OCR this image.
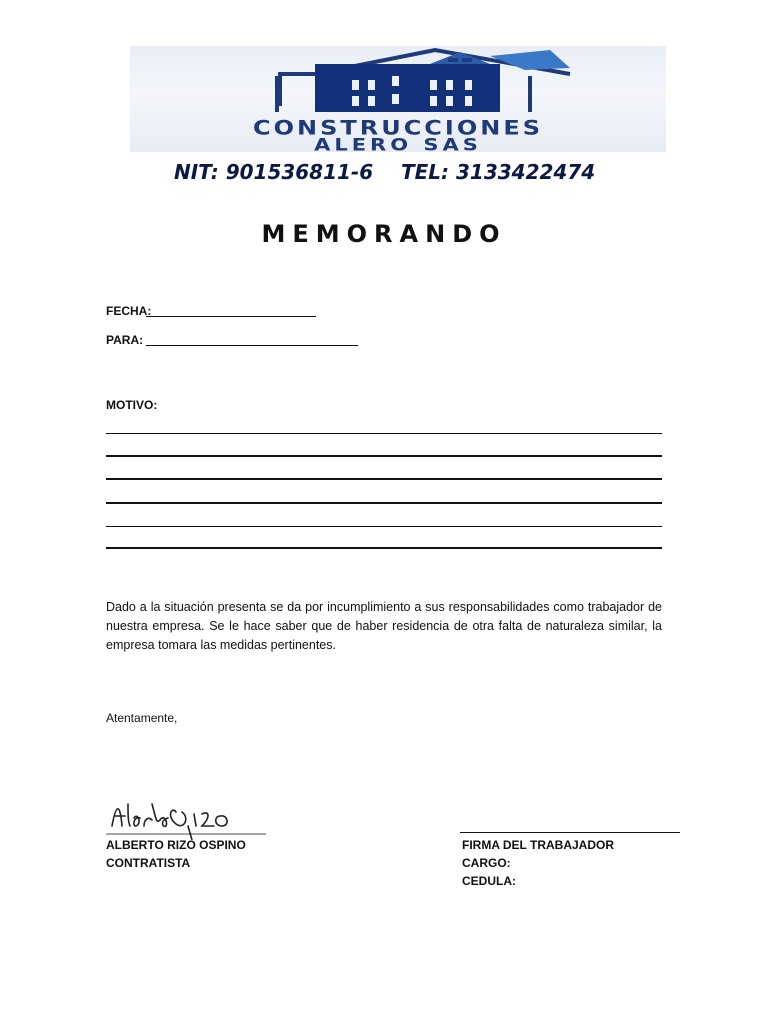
CONSTRUCCIONES
ALERO SAS
NIT: 901536811-6    TEL: 3133422474
MEMORANDO
FECHA:
PARA:
MOTIVO:
Dado a la situación presenta se da por incumplimiento a sus responsabilidades como trabajador de nuestra empresa. Se le hace saber que de haber residencia de otra falta de naturaleza similar, la empresa tomara las medidas pertinentes.
Atentamente,
ALBERTO RIZO OSPINO
CONTRATISTA
FIRMA DEL TRABAJADOR
CARGO:
CEDULA:
